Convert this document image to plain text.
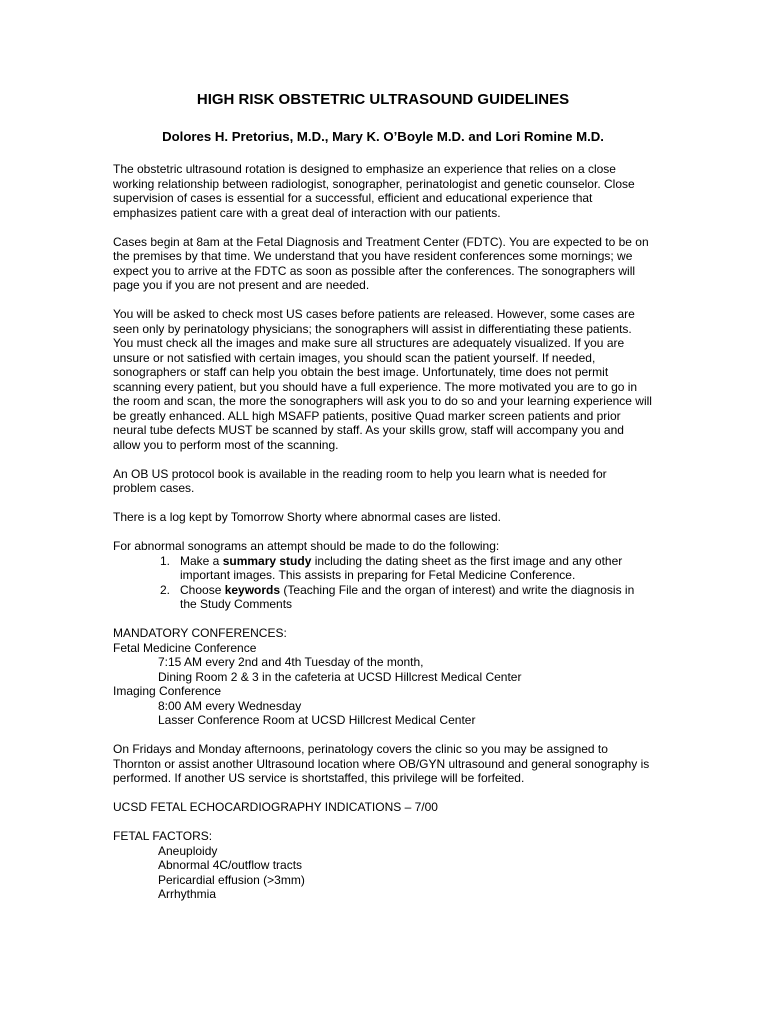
HIGH RISK OBSTETRIC ULTRASOUND GUIDELINES
Dolores H. Pretorius, M.D., Mary K. O’Boyle M.D. and Lori Romine M.D.

The obstetric ultrasound rotation is designed to emphasize an experience that relies on a close working relationship between radiologist, sonographer, perinatologist and genetic counselor. Close supervision of cases is essential for a successful, efficient and educational experience that emphasizes patient care with a great deal of interaction with our patients.

Cases begin at 8am at the Fetal Diagnosis and Treatment Center (FDTC). You are expected to be on the premises by that time. We understand that you have resident conferences some mornings; we expect you to arrive at the FDTC as soon as possible after the conferences. The sonographers will page you if you are not present and are needed.

You will be asked to check most US cases before patients are released. However, some cases are seen only by perinatology physicians; the sonographers will assist in differentiating these patients. You must check all the images and make sure all structures are adequately visualized. If you are unsure or not satisfied with certain images, you should scan the patient yourself. If needed, sonographers or staff can help you obtain the best image. Unfortunately, time does not permit scanning every patient, but you should have a full experience. The more motivated you are to go in the room and scan, the more the sonographers will ask you to do so and your learning experience will be greatly enhanced. ALL high MSAFP patients, positive Quad marker screen patients and prior neural tube defects MUST be scanned by staff. As your skills grow, staff will accompany you and allow you to perform most of the scanning.

An OB US protocol book is available in the reading room to help you learn what is needed for problem cases.

There is a log kept by Tomorrow Shorty where abnormal cases are listed.

For abnormal sonograms an attempt should be made to do the following:

1. Make a summary study including the dating sheet as the first image and any other important images. This assists in preparing for Fetal Medicine Conference.
2. Choose keywords (Teaching File and the organ of interest) and write the diagnosis in the Study Comments

MANDATORY CONFERENCES:

Fetal Medicine Conference

7:15 AM every 2nd and 4th Tuesday of the month,

Dining Room 2 & 3 in the cafeteria at UCSD Hillcrest Medical Center

Imaging Conference

8:00 AM every Wednesday

Lasser Conference Room at UCSD Hillcrest Medical Center

On Fridays and Monday afternoons, perinatology covers the clinic so you may be assigned to Thornton or assist another Ultrasound location where OB/GYN ultrasound and general sonography is performed. If another US service is shortstaffed, this privilege will be forfeited.

UCSD FETAL ECHOCARDIOGRAPHY INDICATIONS – 7/00

FETAL FACTORS:

Aneuploidy

Abnormal 4C/outflow tracts

Pericardial effusion (>3mm)

Arrhythmia
